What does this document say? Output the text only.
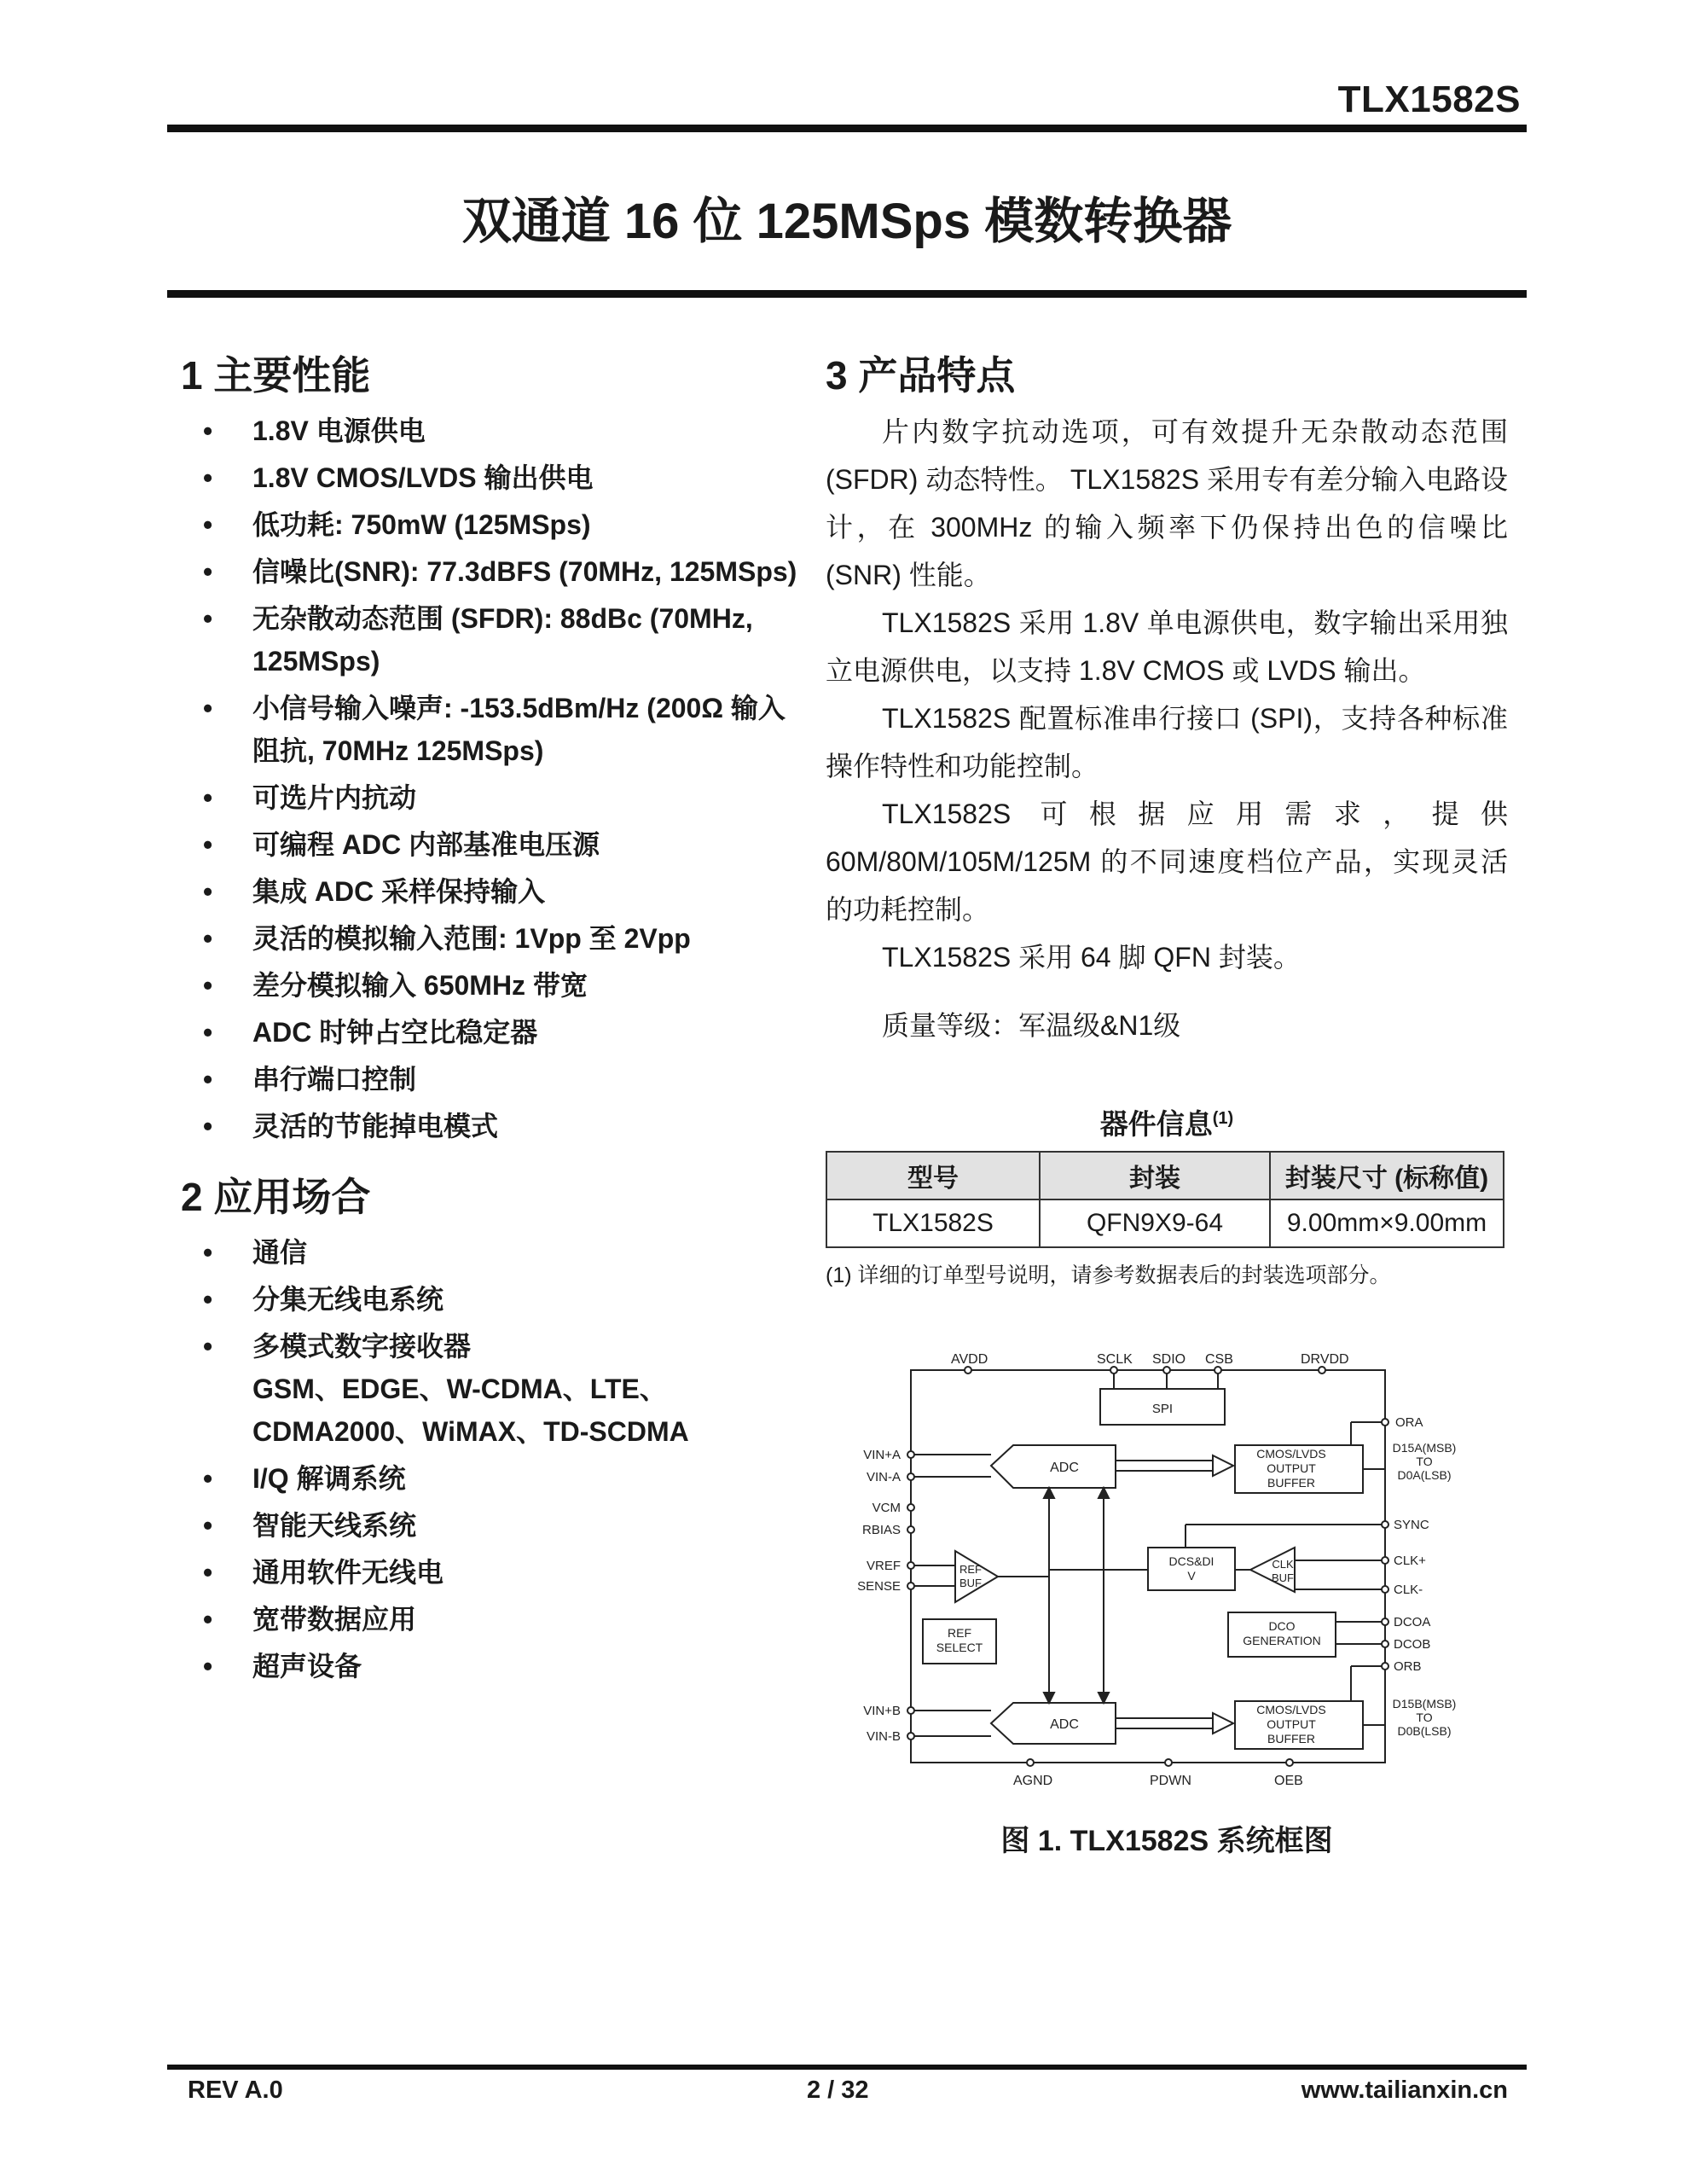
TLX1582S
双通道 16 位 125MSps 模数转换器
1 主要性能
• 1.8V 电源供电
• 1.8V CMOS/LVDS 输出供电
• 低功耗: 750mW (125MSps)
• 信噪比(SNR): 77.3dBFS (70MHz, 125MSps)
• 无杂散动态范围 (SFDR): 88dBc (70MHz, 125MSps)
• 小信号输入噪声: -153.5dBm/Hz (200Ω 输入阻抗, 70MHz 125MSps)
• 可选片内抗动
• 可编程 ADC 内部基准电压源
• 集成 ADC 采样保持输入
• 灵活的模拟输入范围: 1Vpp 至 2Vpp
• 差分模拟输入 650MHz 带宽
• ADC 时钟占空比稳定器
• 串行端口控制
• 灵活的节能掉电模式
2 应用场合
• 通信
• 分集无线电系统
• 多模式数字接收器
GSM、EDGE、W-CDMA、LTE、
CDMA2000、WiMAX、TD-SCDMA
• I/Q 解调系统
• 智能天线系统
• 通用软件无线电
• 宽带数据应用
• 超声设备
3 产品特点

片内数字抗动选项，可有效提升无杂散动态范围 (SFDR) 动态特性。 TLX1582S 采用专有差分输入电路设计，在 300MHz 的输入频率下仍保持出色的信噪比 (SNR) 性能。

TLX1582S 采用 1.8V 单电源供电，数字输出采用独立电源供电，以支持 1.8V CMOS 或 LVDS 输出。

TLX1582S 配置标准串行接口 (SPI)，支持各种标准操作特性和功能控制。

TLX1582S 可根据应用需求，提供 60M/80M/105M/125M 的不同速度档位产品，实现灵活的功耗控制。

TLX1582S 采用 64 脚 QFN 封装。

质量等级：军温级&N1级
器件信息$^{(1)}$
型号	封装	封装尺寸 (标称值)
TLX1582S	QFN9X9-64	9.00mm×9.00mm
(1) 详细的订单型号说明，请参考数据表后的封装选项部分。
AVDD	SCLK SDIO CSB	DRVDD
SPI
VIN+A
VIN-A
VCM
RBIAS
VREF
SENSE
VIN+B
VIN-B
ADC
ADC
CMOS/LVDS
OUTPUT
BUFFER
CMOS/LVDS
OUTPUT
BUFFER
ORA
SYNC
CLK+
CLK-
DCOA
DCOB
ORB
D15A(MSB)
TO
D0A(LSB)
D15B(MSB)
TO
D0B(LSB)
DCS&DI
V
CLK
BUF
DCO
GENERATION
REF
BUF
REF
SELECT
AGND	PDWN	OEB
图 1. TLX1582S 系统框图
REV A.0	2 / 32	www.tailianxin.cn
